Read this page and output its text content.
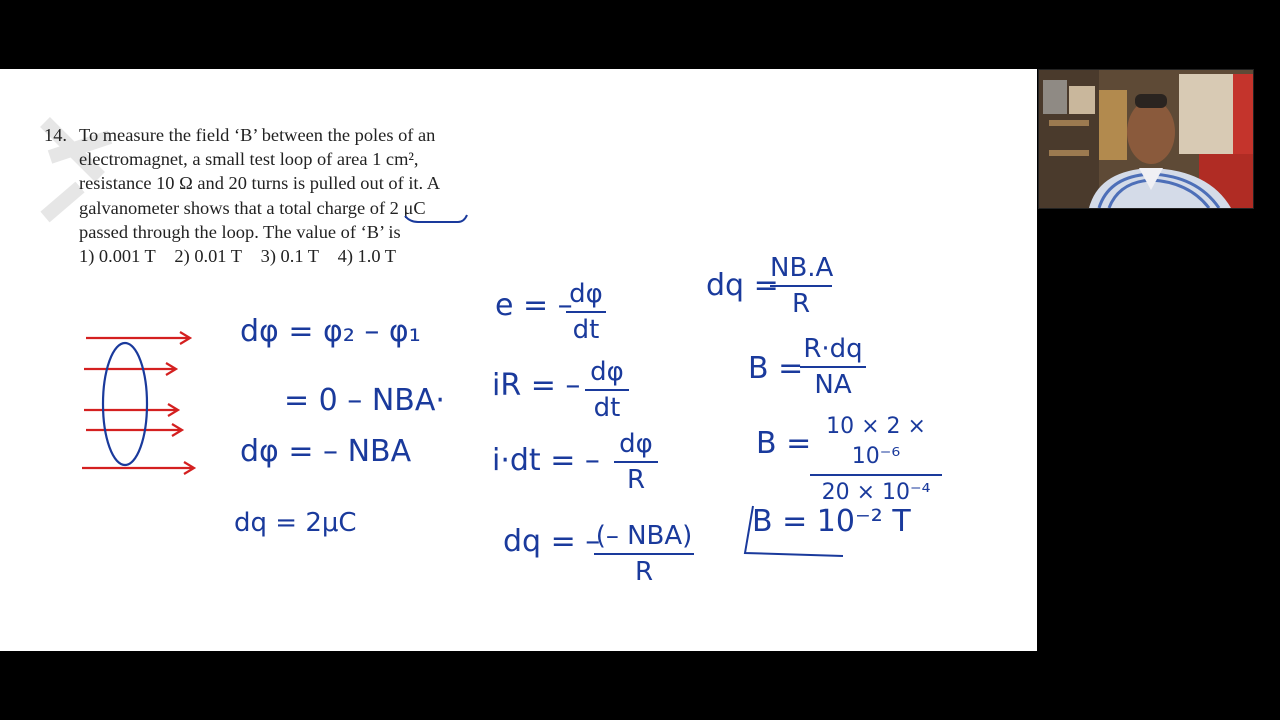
14. To measure the field ‘B’ between the poles of an
electromagnet, a small test loop of area 1 cm²,
resistance 10 Ω and 20 turns is pulled out of it. A
galvanometer shows that a total charge of 2 μC
passed through the loop. The value of ‘B’ is
1) 0.001 T 2) 0.01 T 3) 0.1 T 4) 1.0 T
dφ = φ₂ – φ₁
= 0 – NBA·
dφ = – NBA
dq = 2μC
e = –
dφ
dt
iR = – dφ
dt
i·dt = – dφ
R
dq = –
(– NBA)
R
dq =
NB.A
R
B =
R·dq
NA
B = 10 × 2 × 10⁻⁶
20 × 10⁻⁴
B = 10⁻² T
